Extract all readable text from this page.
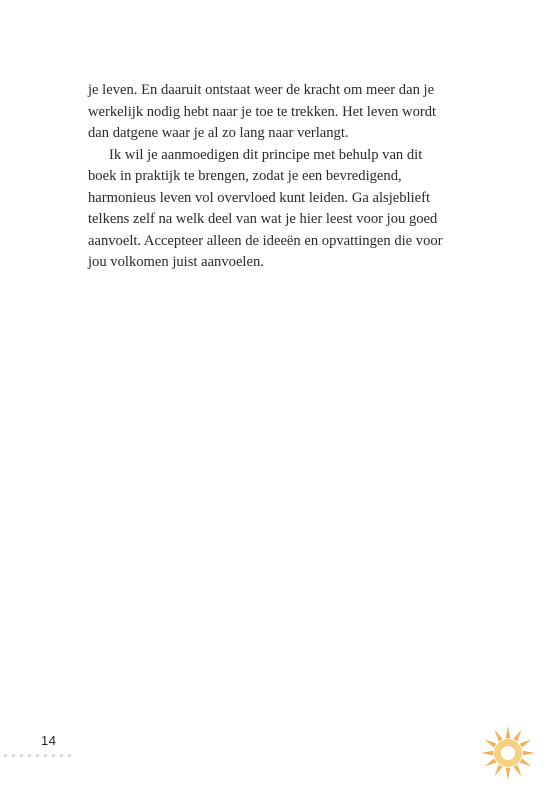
je leven. En daaruit ontstaat weer de kracht om meer dan je
werkelijk nodig hebt naar je toe te trekken. Het leven wordt
dan datgene waar je al zo lang naar verlangt.
Ik wil je aanmoedigen dit principe met behulp van dit
boek in praktijk te brengen, zodat je een bevredigend,
harmonieus leven vol overvloed kunt leiden. Ga alsjeblieft
telkens zelf na welk deel van wat je hier leest voor jou goed
aanvoelt. Accepteer alleen de ideeën en opvattingen die voor
jou volkomen juist aanvoelen.
14
